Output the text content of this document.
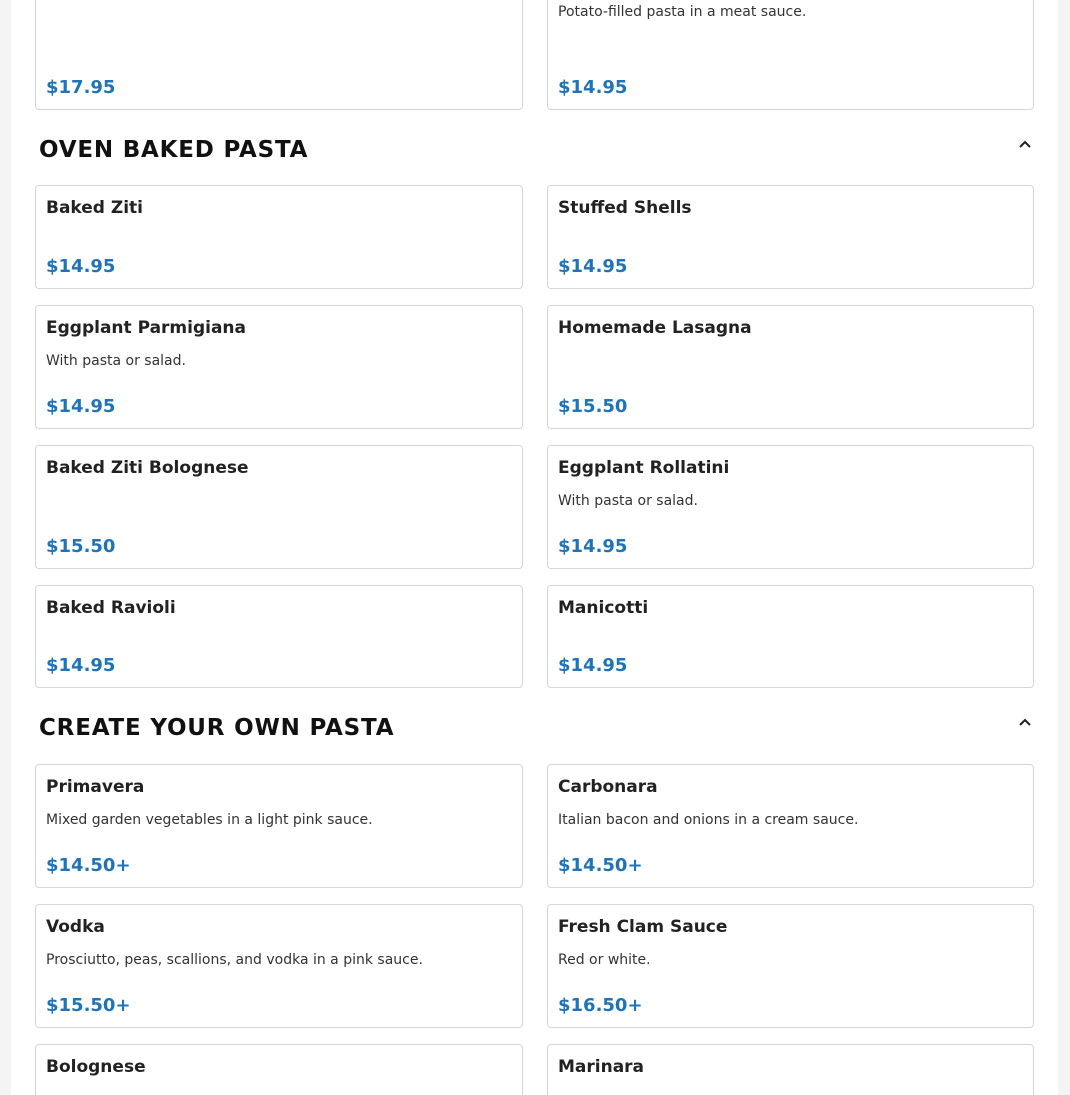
$17.95
Potato-filled pasta in a meat sauce.
$14.95
OVEN BAKED PASTA
Baked Ziti
$14.95
Stuffed Shells
$14.95
Eggplant Parmigiana
With pasta or salad.
$14.95
Homemade Lasagna
$15.50
Baked Ziti Bolognese
$15.50
Eggplant Rollatini
With pasta or salad.
$14.95
Baked Ravioli
$14.95
Manicotti
$14.95
CREATE YOUR OWN PASTA
Primavera
Mixed garden vegetables in a light pink sauce.
$14.50+
Carbonara
Italian bacon and onions in a cream sauce.
$14.50+
Vodka
Prosciutto, peas, scallions, and vodka in a pink sauce.
$15.50+
Fresh Clam Sauce
Red or white.
$16.50+
Bolognese	Marinara
